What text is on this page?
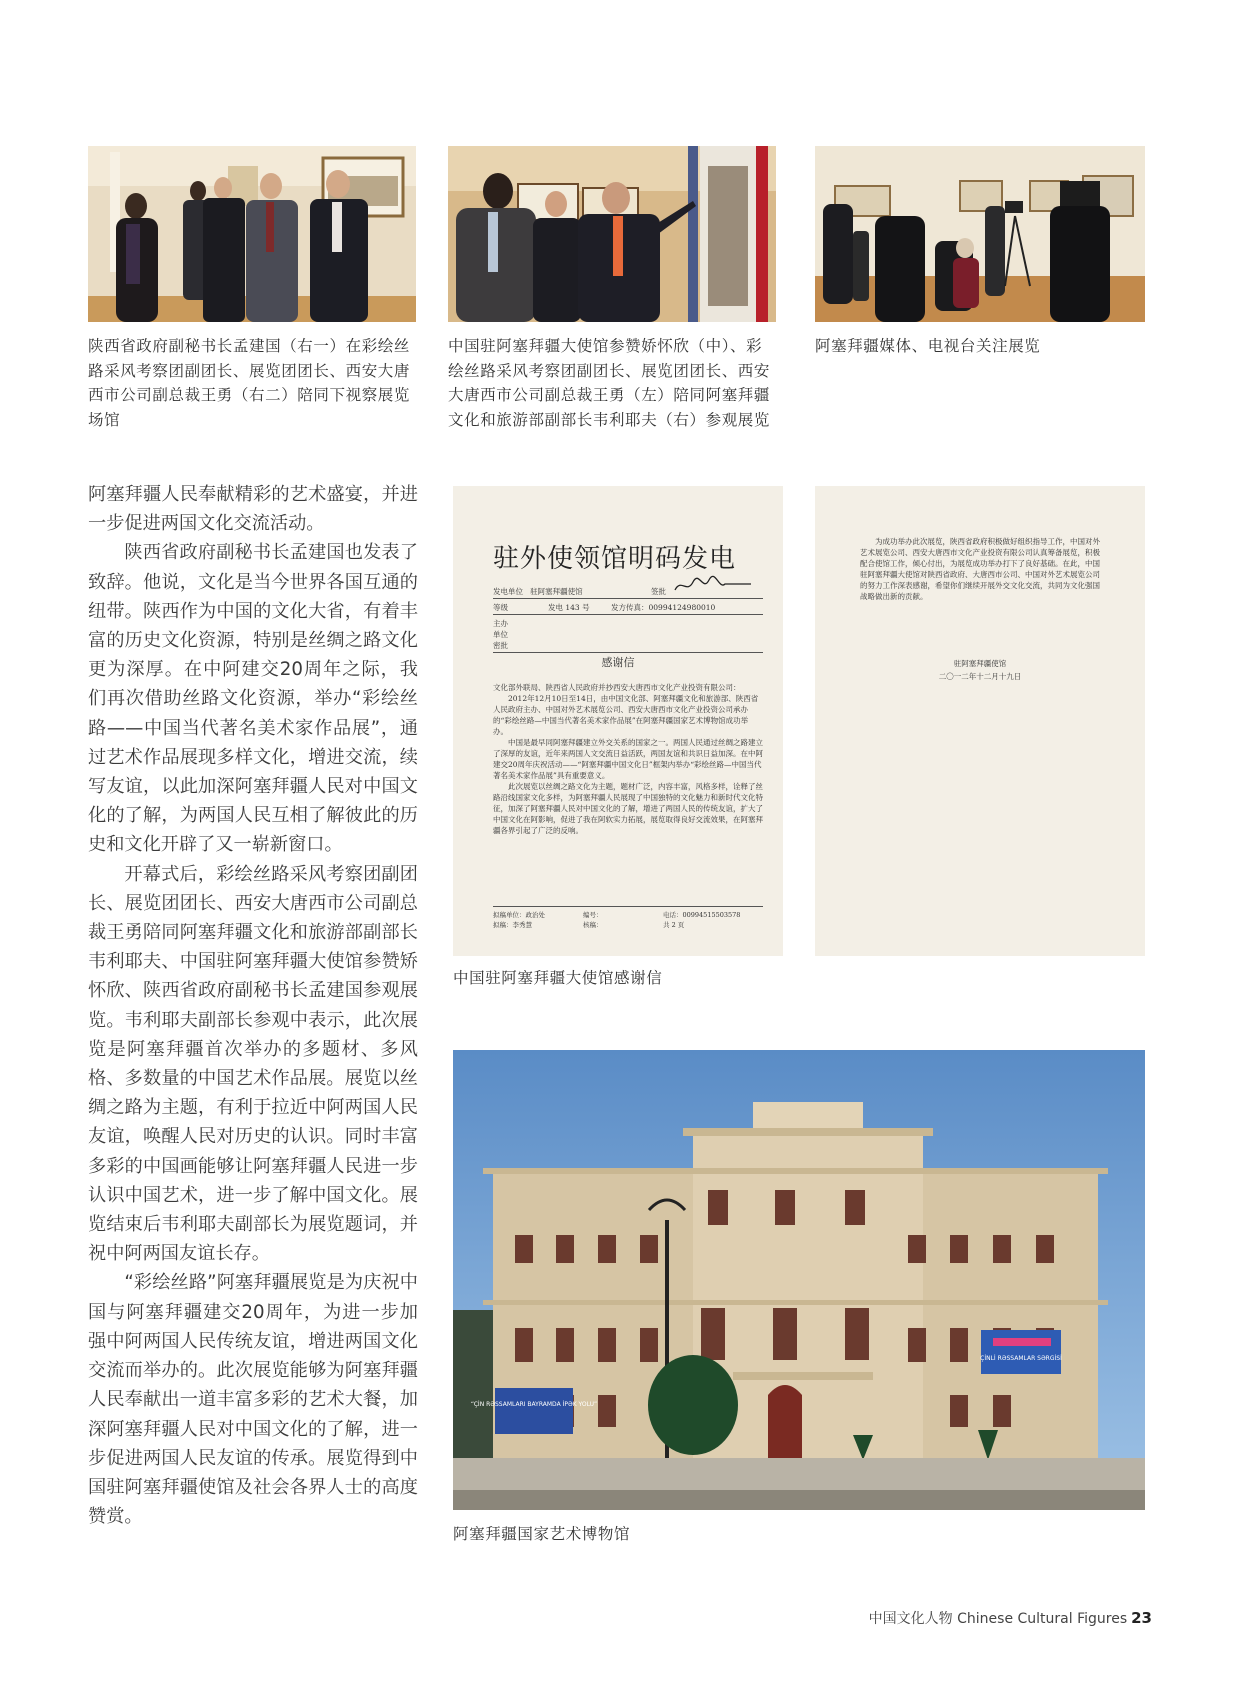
陕西省政府副秘书长孟建国（右一）在彩绘丝路采风考察团副团长、展览团团长、西安大唐西市公司副总裁王勇（右二）陪同下视察展览场馆
中国驻阿塞拜疆大使馆参赞娇怀欣（中）、彩绘丝路采风考察团副团长、展览团团长、西安大唐西市公司副总裁王勇（左）陪同阿塞拜疆文化和旅游部副部长韦利耶夫（右）参观展览
阿塞拜疆媒体、电视台关注展览

阿塞拜疆人民奉献精彩的艺术盛宴，并进一步促进两国文化交流活动。

陕西省政府副秘书长孟建国也发表了致辞。他说，文化是当今世界各国互通的纽带。陕西作为中国的文化大省，有着丰富的历史文化资源，特别是丝绸之路文化更为深厚。在中阿建交20周年之际，我们再次借助丝路文化资源，举办“彩绘丝路——中国当代著名美术家作品展”，通过艺术作品展现多样文化，增进交流，续写友谊，以此加深阿塞拜疆人民对中国文化的了解，为两国人民互相了解彼此的历史和文化开辟了又一崭新窗口。

开幕式后，彩绘丝路采风考察团副团长、展览团团长、西安大唐西市公司副总裁王勇陪同阿塞拜疆文化和旅游部副部长韦利耶夫、中国驻阿塞拜疆大使馆参赞矫怀欣、陕西省政府副秘书长孟建国参观展览。韦利耶夫副部长参观中表示，此次展览是阿塞拜疆首次举办的多题材、多风格、多数量的中国艺术作品展。展览以丝绸之路为主题，有利于拉近中阿两国人民友谊，唤醒人民对历史的认识。同时丰富多彩的中国画能够让阿塞拜疆人民进一步认识中国艺术，进一步了解中国文化。展览结束后韦利耶夫副部长为展览题词，并祝中阿两国友谊长存。

“彩绘丝路”阿塞拜疆展览是为庆祝中国与阿塞拜疆建交20周年，为进一步加强中阿两国人民传统友谊，增进两国文化交流而举办的。此次展览能够为阿塞拜疆人民奉献出一道丰富多彩的艺术大餐，加深阿塞拜疆人民对中国文化的了解，进一步促进两国人民友谊的传承。展览得到中国驻阿塞拜疆使馆及社会各界人士的高度赞赏。

驻外使领馆明码发电
发电单位 驻阿塞拜疆使馆	签批
等级	发电 143 号	发方传真：00994124980010
主办
单位
密批
感谢信
文化部外联局、陕西省人民政府并抄西安大唐西市文化产业投资有限公司：
2012年12月10日至14日，由中国文化部、阿塞拜疆文化和旅游部、陕西省人民政府主办、中国对外艺术展览公司、西安大唐西市文化产业投资公司承办的“彩绘丝路—中国当代著名美术家作品展”在阿塞拜疆国家艺术博物馆成功举办。
中国是最早同阿塞拜疆建立外交关系的国家之一。两国人民通过丝绸之路建立了深厚的友谊，近年来两国人文交流日益活跃，两国友谊和共识日益加深。在中阿建交20周年庆祝活动——“阿塞拜疆中国文化日”框架内举办“彩绘丝路—中国当代著名美术家作品展”具有重要意义。
此次展览以丝绸之路文化为主题，题材广泛，内容丰富，风格多样，诠释了丝路沿线国家文化多样，为阿塞拜疆人民展现了中国独特的文化魅力和新时代文化特征，加深了阿塞拜疆人民对中国文化的了解，增进了两国人民的传统友谊，扩大了中国文化在阿影响，促进了我在阿软实力拓展，展览取得良好交流效果，在阿塞拜疆各界引起了广泛的反响。
拟稿单位：政治处	编号：	电话：00994515503578
拟稿：李秀慧	核稿：	共 2 页
为成功举办此次展览，陕西省政府积极做好组织指导工作，中国对外艺术展览公司、西安大唐西市文化产业投资有限公司认真筹备展览，积极配合使馆工作，倾心付出，为展览成功举办打下了良好基础。在此，中国驻阿塞拜疆大使馆对陕西省政府、大唐西市公司、中国对外艺术展览公司的努力工作深表感谢，希望你们继续开展外交文化交流，共同为文化强国战略做出新的贡献。
驻阿塞拜疆使馆
二〇一二年十二月十九日
中国驻阿塞拜疆大使馆感谢信
“ÇİN RƏSSAMLARI BAYRAMDA İPƏK YOLU”
ÇİNLİ RƏSSAMLAR SƏRGİSİ
阿塞拜疆国家艺术博物馆
中国文化人物 Chinese Cultural Figures 23
